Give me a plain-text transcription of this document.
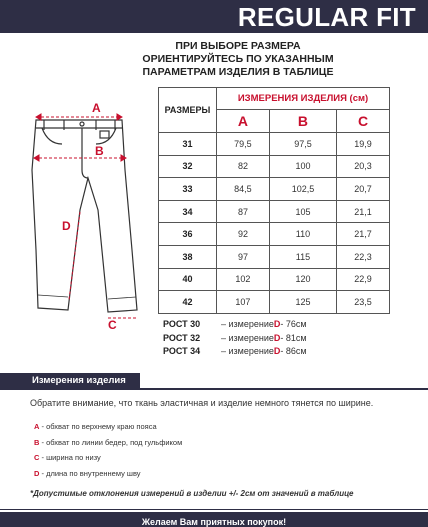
REGULAR FIT
ПРИ ВЫБОРЕ РАЗМЕРА
ОРИЕНТИРУЙТЕСЬ ПО УКАЗАННЫМ
ПАРАМЕТРАМ ИЗДЕЛИЯ В ТАБЛИЦЕ
A
B
C
D
РАЗМЕРЫ	ИЗМЕРЕНИЯ ИЗДЕЛИЯ (см)		
	A	B	C
31	79,5	97,5	19,9
32	82	100	20,3
33	84,5	102,5	20,7
34	87	105	21,1
36	92	110	21,7
38	97	115	22,3
40	102	120	22,9
42	107	125	23,5
РОСТ 30	– измерение D - 76см
РОСТ 32	– измерение D - 81см
РОСТ 34	– измерение D - 86см
Измерения изделия
Обратите внимание, что ткань эластичная и изделие немного тянется по ширине.
A - обхват по верхнему краю пояса
B - обхват по линии бедер, под гульфиком
C - ширина по низу
D - длина по внутреннему шву
*Допустимые отклонения измерений в изделии +/- 2см от значений в таблице
Желаем Вам приятных покупок!
